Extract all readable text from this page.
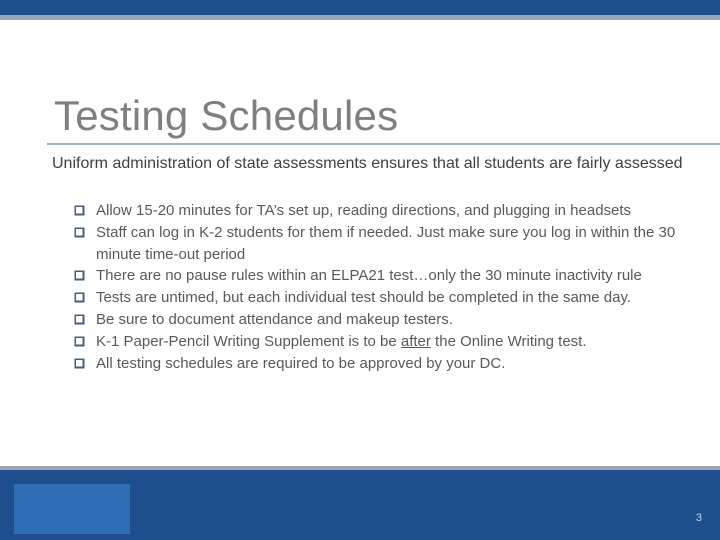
Testing Schedules
Uniform administration of state assessments ensures that all students are fairly assessed
Allow 15-20 minutes for TA’s set up, reading directions, and plugging in headsets
Staff can log in K-2 students for them if needed. Just make sure you log in within the 30 minute time-out period
There are no pause rules within an ELPA21 test…only the 30 minute inactivity rule
Tests are untimed, but each individual test should be completed in the same day.
Be sure to document attendance and makeup testers.
K-1 Paper-Pencil Writing Supplement is to be after the Online Writing test.
All testing schedules are required to be approved by your DC.
3
